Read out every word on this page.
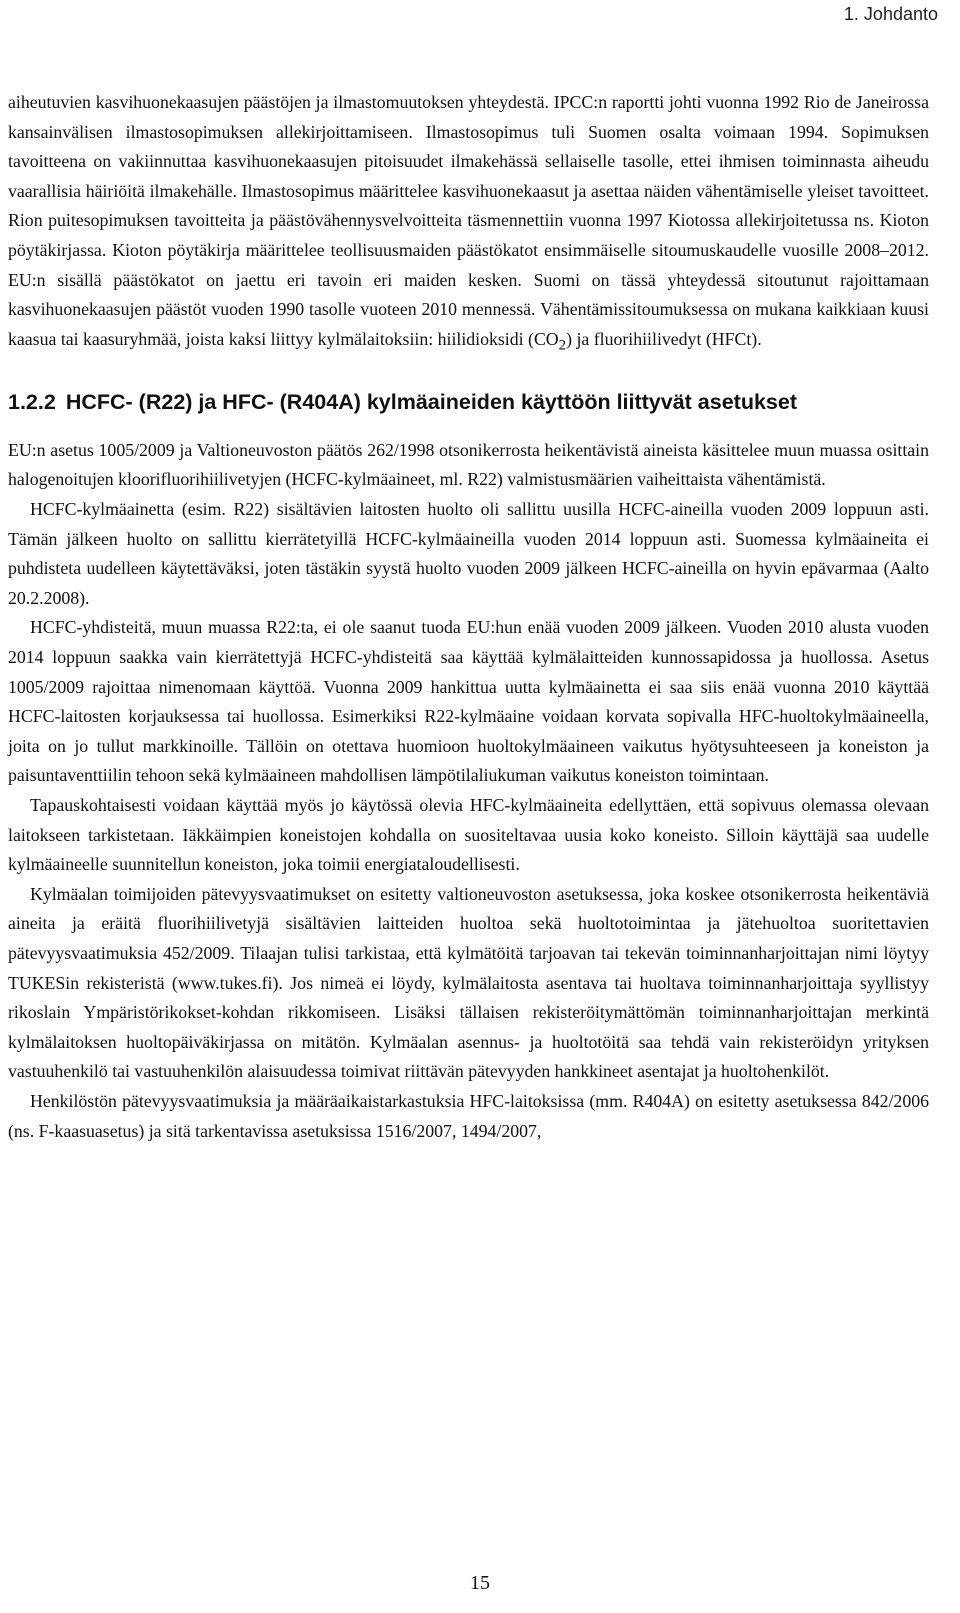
1. Johdanto

aiheutuvien kasvihuonekaasujen päästöjen ja ilmastomuutoksen yhteydestä. IPCC:n raportti johti vuonna 1992 Rio de Janeirossa kansainvälisen ilmastosopimuksen allekirjoittamiseen. Ilmastosopimus tuli Suomen osalta voimaan 1994. Sopimuksen tavoitteena on vakiinnuttaa kasvihuonekaasujen pitoisuudet ilmakehässä sellaiselle tasolle, ettei ihmisen toiminnasta aiheudu vaarallisia häiriöitä ilmakehälle. Ilmastosopimus määrittelee kasvihuonekaasut ja asettaa näiden vähentämiselle yleiset tavoitteet. Rion puitesopimuksen tavoitteita ja päästövähennysvelvoitteita täsmennettiin vuonna 1997 Kiotossa allekirjoitetussa ns. Kioton pöytäkirjassa. Kioton pöytäkirja määrittelee teollisuusmaiden päästökatot ensimmäiselle sitoumuskaudelle vuosille 2008–2012. EU:n sisällä päästökatot on jaettu eri tavoin eri maiden kesken. Suomi on tässä yhteydessä sitoutunut rajoittamaan kasvihuonekaasujen päästöt vuoden 1990 tasolle vuoteen 2010 mennessä. Vähentämissitoumuksessa on mukana kaikkiaan kuusi kaasua tai kaasuryhmää, joista kaksi liittyy kylmälaitoksiin: hiilidioksidi $(CO_2)$ ja fluorihiilivedyt (HFCt).

1.2.2 HCFC- (R22) ja HFC- (R404A) kylmäaineiden käyttöön liittyvät asetukset

EU:n asetus 1005/2009 ja Valtioneuvoston päätös 262/1998 otsonikerrosta heikentävistä aineista käsittelee muun muassa osittain halogenoitujen kloorifluorihiilivetyjen (HCFC-kylmäaineet, ml. R22) valmistusmäärien vaiheittaista vähentämistä.

HCFC-kylmäainetta (esim. R22) sisältävien laitosten huolto oli sallittu uusilla HCFC-aineilla vuoden 2009 loppuun asti. Tämän jälkeen huolto on sallittu kierrätetyillä HCFC-kylmäaineilla vuoden 2014 loppuun asti. Suomessa kylmäaineita ei puhdisteta uudelleen käytettäväksi, joten tästäkin syystä huolto vuoden 2009 jälkeen HCFC-aineilla on hyvin epävarmaa (Aalto 20.2.2008).

HCFC-yhdisteitä, muun muassa R22:ta, ei ole saanut tuoda EU:hun enää vuoden 2009 jälkeen. Vuoden 2010 alusta vuoden 2014 loppuun saakka vain kierrätettyjä HCFC-yhdisteitä saa käyttää kylmälaitteiden kunnossapidossa ja huollossa. Asetus 1005/2009 rajoittaa nimenomaan käyttöä. Vuonna 2009 hankittua uutta kylmäainetta ei saa siis enää vuonna 2010 käyttää HCFC-laitosten korjauksessa tai huollossa. Esimerkiksi R22-kylmäaine voidaan korvata sopivalla HFC-huoltokylmäaineella, joita on jo tullut markkinoille. Tällöin on otettava huomioon huoltokylmäaineen vaikutus hyötysuhteeseen ja koneiston ja paisuntaventtiilin tehoon sekä kylmäaineen mahdollisen lämpötilaliukuman vaikutus koneiston toimintaan.

Tapauskohtaisesti voidaan käyttää myös jo käytössä olevia HFC-kylmäaineita edellyttäen, että sopivuus olemassa olevaan laitokseen tarkistetaan. Iäkkäimpien koneistojen kohdalla on suositeltavaa uusia koko koneisto. Silloin käyttäjä saa uudelle kylmäaineelle suunnitellun koneiston, joka toimii energiataloudellisesti.

Kylmäalan toimijoiden pätevyysvaatimukset on esitetty valtioneuvoston asetuksessa, joka koskee otsonikerrosta heikentäviä aineita ja eräitä fluorihiilivetyjä sisältävien laitteiden huoltoa sekä huoltotoimintaa ja jätehuoltoa suoritettavien pätevyysvaatimuksia 452/2009. Tilaajan tulisi tarkistaa, että kylmätöitä tarjoavan tai tekevän toiminnanharjoittajan nimi löytyy TUKESin rekisteristä (www.tukes.fi). Jos nimeä ei löydy, kylmälaitosta asentava tai huoltava toiminnanharjoittaja syyllistyy rikoslain Ympäristörikokset-kohdan rikkomiseen. Lisäksi tällaisen rekisteröitymättömän toiminnanharjoittajan merkintä kylmälaitoksen huoltopäiväkirjassa on mitätön. Kylmäalan asennus- ja huoltotöitä saa tehdä vain rekisteröidyn yrityksen vastuuhenkilö tai vastuuhenkilön alaisuudessa toimivat riittävän pätevyyden hankkineet asentajat ja huoltohenkilöt.

Henkilöstön pätevyysvaatimuksia ja määräaikaistarkastuksia HFC-laitoksissa (mm. R404A) on esitetty asetuksessa 842/2006 (ns. F-kaasuasetus) ja sitä tarkentavissa asetuksissa 1516/2007, 1494/2007,

15
